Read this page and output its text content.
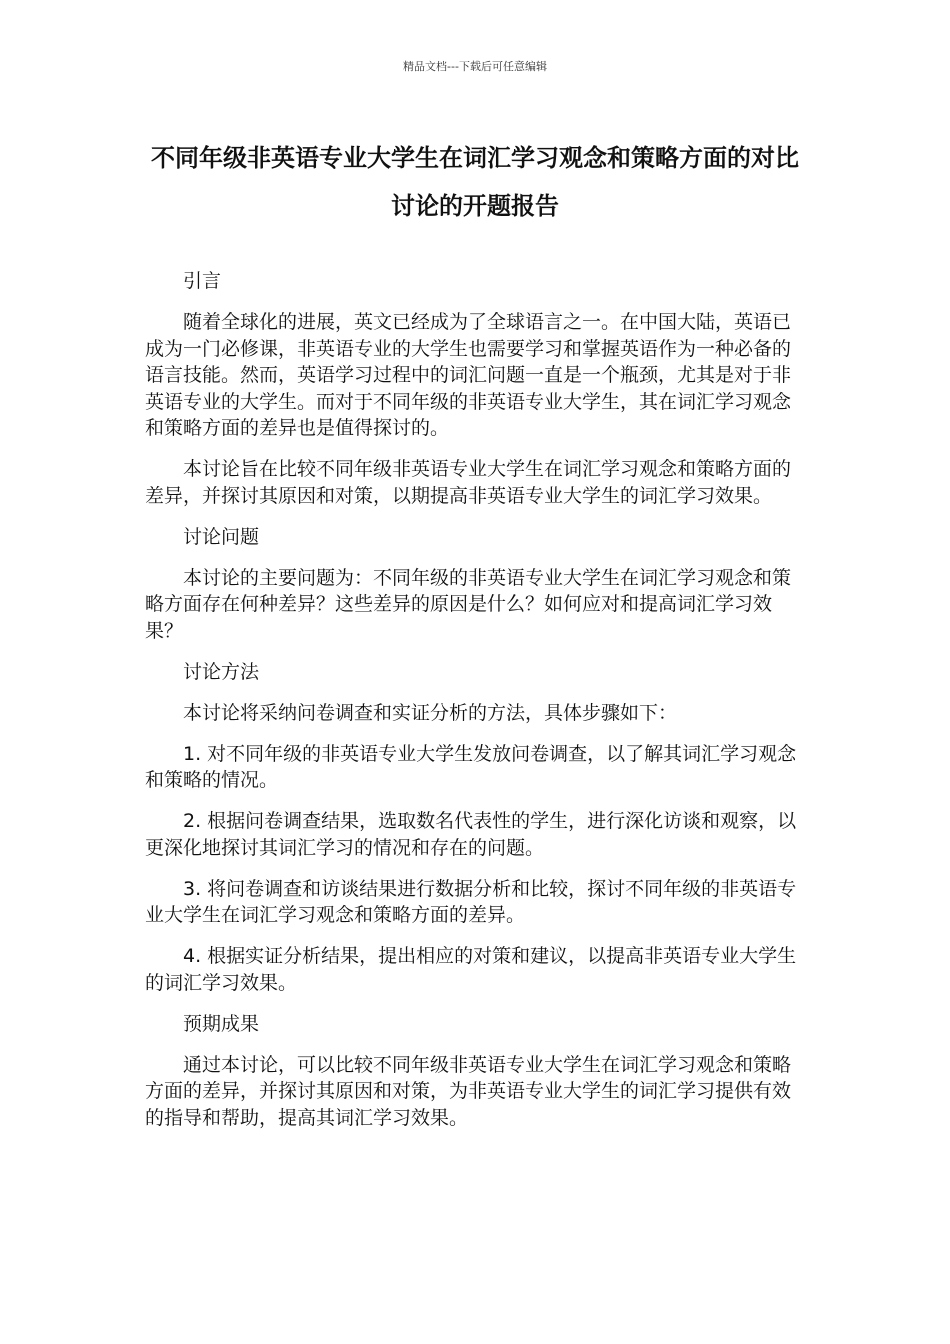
精品文档---下载后可任意编辑
不同年级非英语专业大学生在词汇学习观念和策略方面的对比讨论的开题报告

引言

随着全球化的进展，英文已经成为了全球语言之一。在中国大陆，英语已成为一门必修课，非英语专业的大学生也需要学习和掌握英语作为一种必备的语言技能。然而，英语学习过程中的词汇问题一直是一个瓶颈，尤其是对于非英语专业的大学生。而对于不同年级的非英语专业大学生，其在词汇学习观念和策略方面的差异也是值得探讨的。

本讨论旨在比较不同年级非英语专业大学生在词汇学习观念和策略方面的差异，并探讨其原因和对策，以期提高非英语专业大学生的词汇学习效果。

讨论问题

本讨论的主要问题为：不同年级的非英语专业大学生在词汇学习观念和策略方面存在何种差异？这些差异的原因是什么？如何应对和提高词汇学习效果？

讨论方法

本讨论将采纳问卷调查和实证分析的方法，具体步骤如下：

1. 对不同年级的非英语专业大学生发放问卷调查，以了解其词汇学习观念和策略的情况。

2. 根据问卷调查结果，选取数名代表性的学生，进行深化访谈和观察，以更深化地探讨其词汇学习的情况和存在的问题。

3. 将问卷调查和访谈结果进行数据分析和比较，探讨不同年级的非英语专业大学生在词汇学习观念和策略方面的差异。

4. 根据实证分析结果，提出相应的对策和建议，以提高非英语专业大学生的词汇学习效果。

预期成果

通过本讨论，可以比较不同年级非英语专业大学生在词汇学习观念和策略方面的差异，并探讨其原因和对策，为非英语专业大学生的词汇学习提供有效的指导和帮助，提高其词汇学习效果。
